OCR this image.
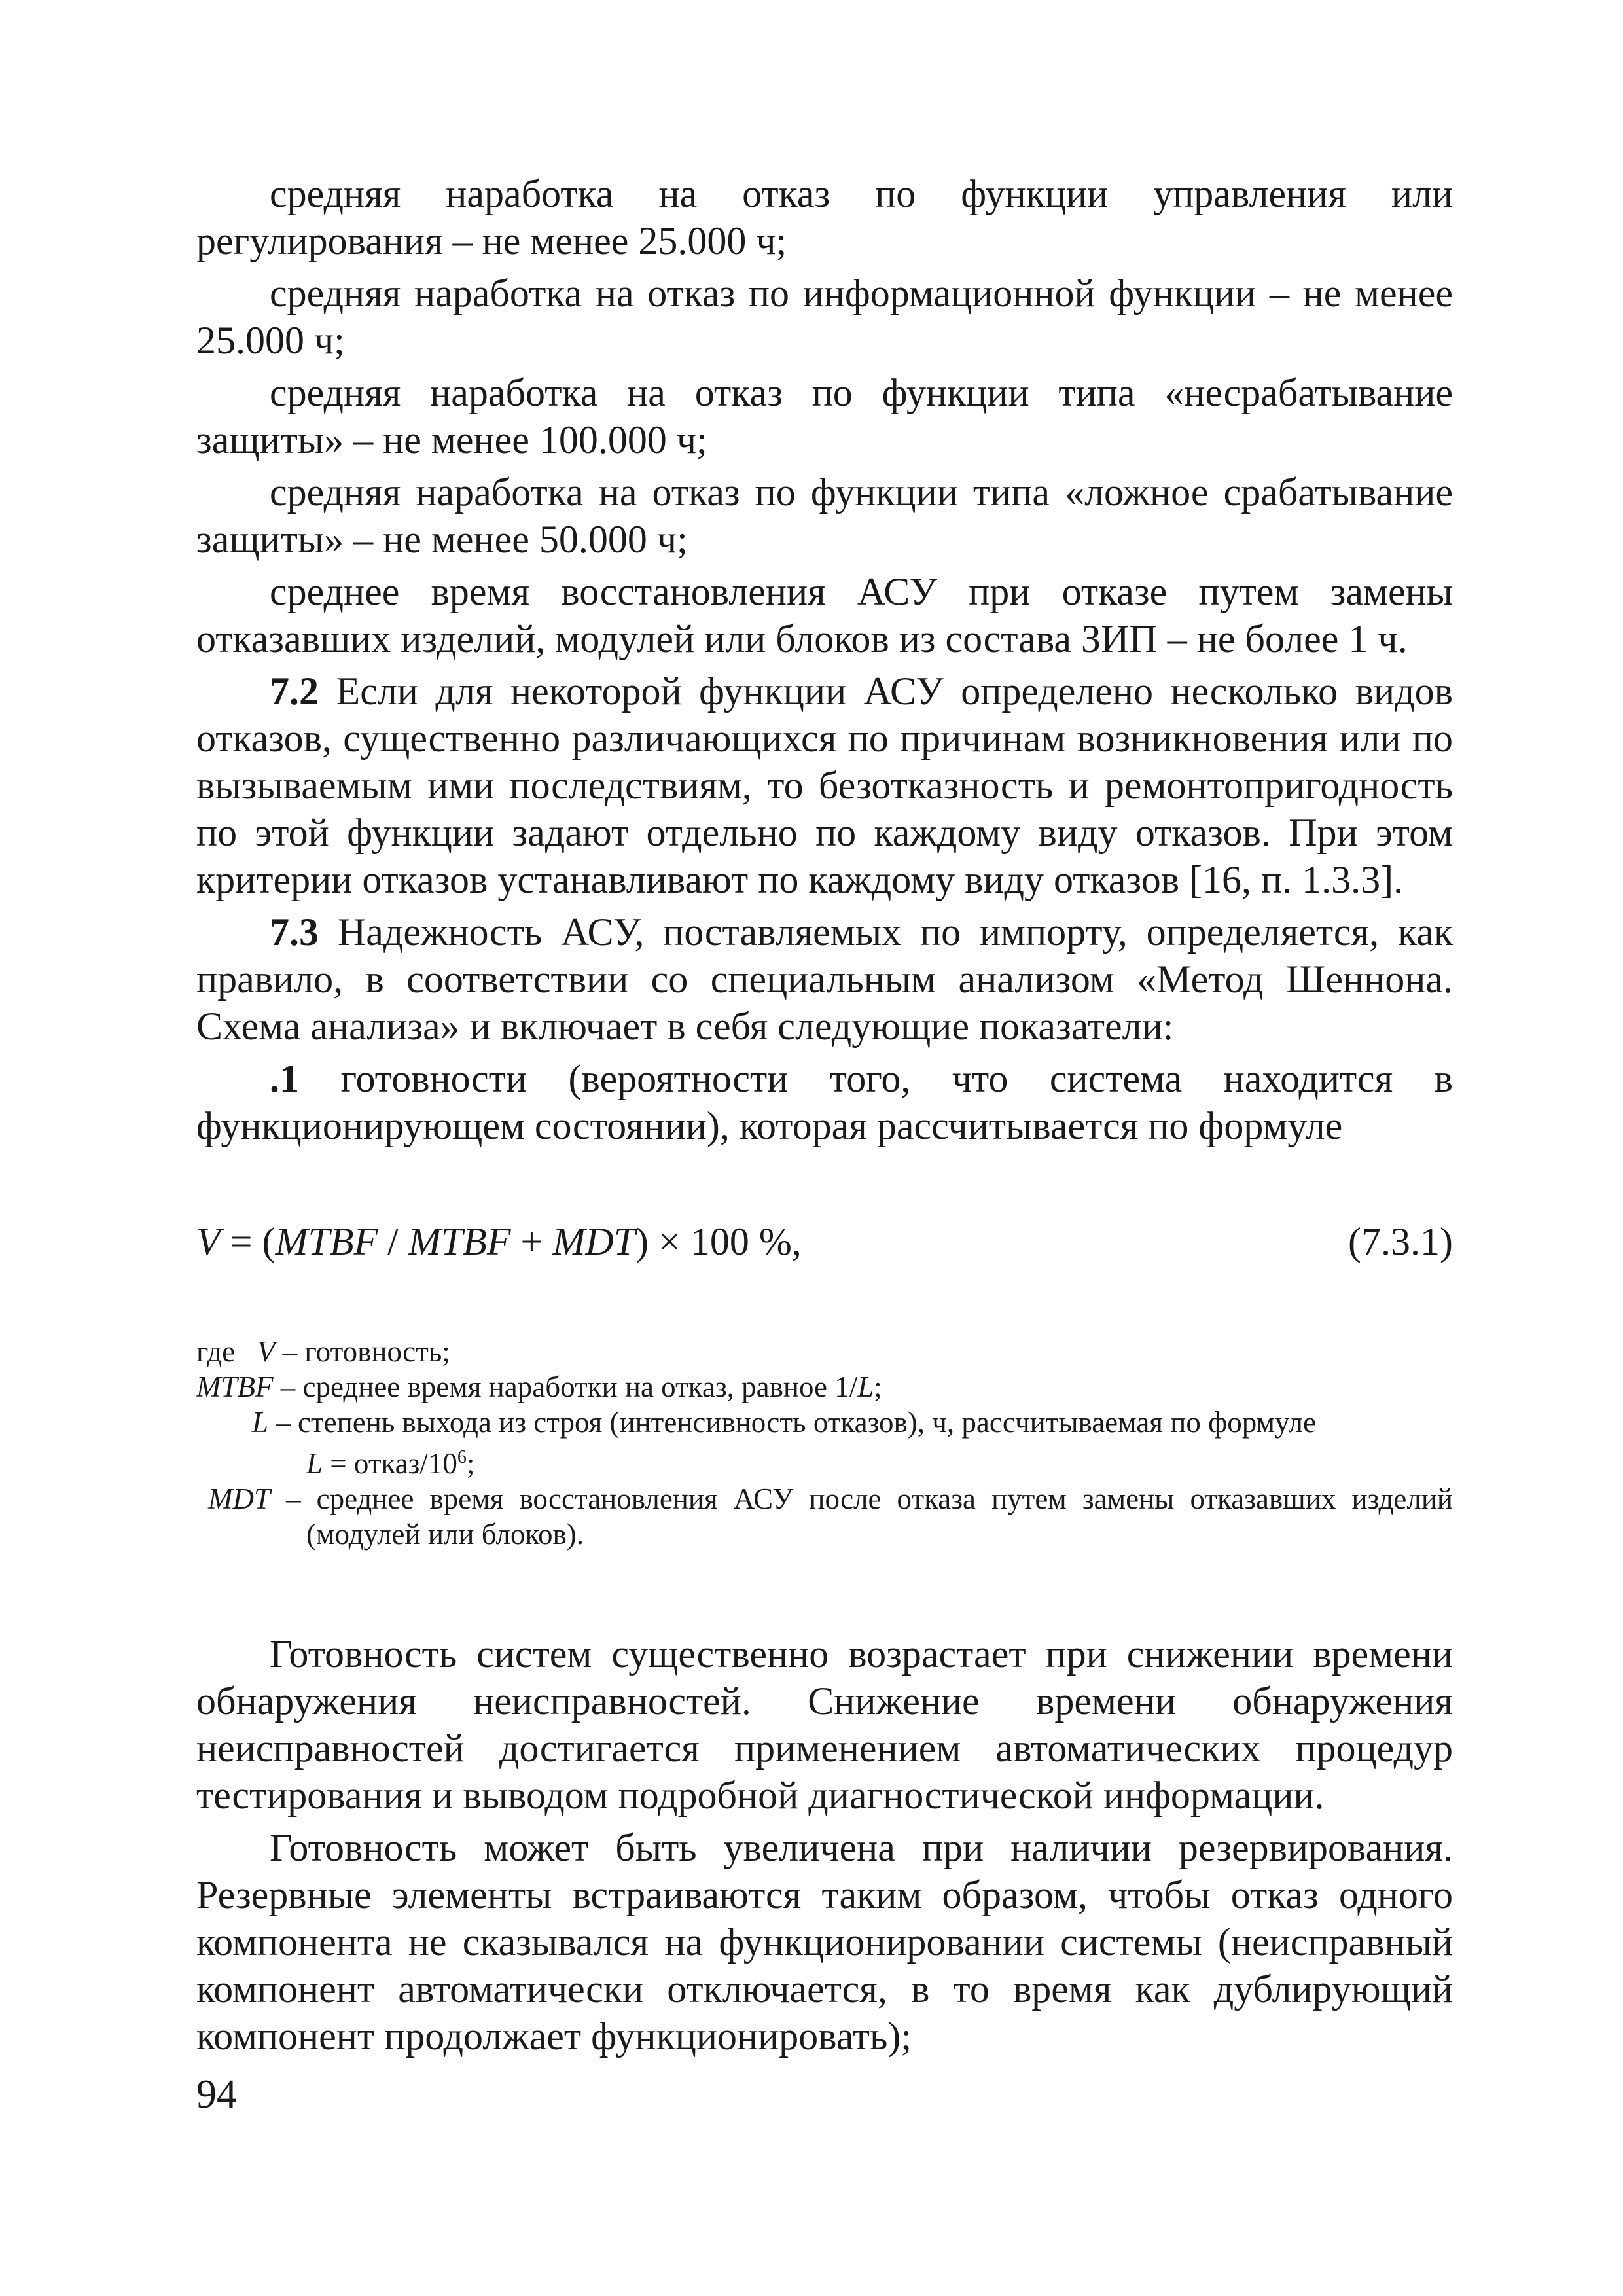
средняя наработка на отказ по функции управления или регулирования – не менее 25.000 ч;

средняя наработка на отказ по информационной функции – не менее 25.000 ч;

средняя наработка на отказ по функции типа «несрабатывание защиты» – не менее 100.000 ч;

средняя наработка на отказ по функции типа «ложное срабатывание защиты» – не менее 50.000 ч;

среднее время восстановления АСУ при отказе путем замены отказавших изделий, модулей или блоков из состава ЗИП – не более 1 ч.

7.2 Если для некоторой функции АСУ определено несколько видов отказов, существенно различающихся по причинам возникновения или по вызываемым ими последствиям, то безотказность и ремонтопригодность по этой функции задают отдельно по каждому виду отказов. При этом критерии отказов устанавливают по каждому виду отказов [16, п. 1.3.3].

7.3 Надежность АСУ, поставляемых по импорту, определяется, как правило, в соответствии со специальным анализом «Метод Шеннона. Схема анализа» и включает в себя следующие показатели:

.1 готовности (вероятности того, что система находится в функционирующем состоянии), которая рассчитывается по формуле

V = (MTBF / MTBF + MDT) × 100 %,	(7.3.1)

где V – готовность;

MTBF – среднее время наработки на отказ, равное 1/L;

L – степень выхода из строя (интенсивность отказов), ч, рассчитываемая по формуле

L = отказ/$10^6$;

MDT – среднее время восстановления АСУ после отказа путем замены отказавших изделий (модулей или блоков).

Готовность систем существенно возрастает при снижении времени обнаружения неисправностей. Снижение времени обнаружения неисправностей достигается применением автоматических процедур тестирования и выводом подробной диагностической информации.

Готовность может быть увеличена при наличии резервирования. Резервные элементы встраиваются таким образом, чтобы отказ одного компонента не сказывался на функционировании системы (неисправный компонент автоматически отключается, в то время как дублирующий компонент продолжает функционировать);

94
